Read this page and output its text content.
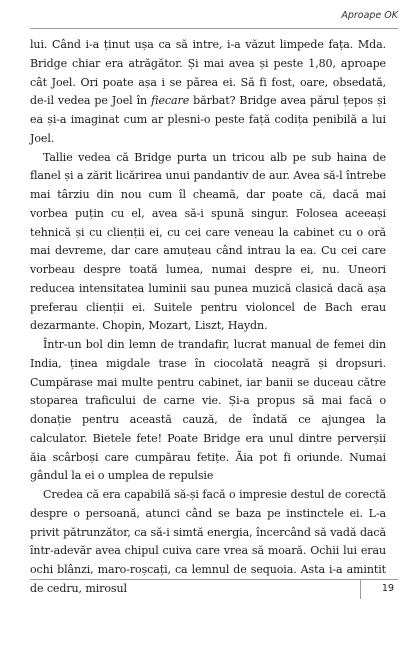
Aproape OK

lui. Când i-a ținut ușa ca să intre, i-a văzut limpede fața. Mda. Bridge chiar era atrăgător. Și mai avea și peste 1,80, aproape cât Joel. Ori poate așa i se părea ei. Să fi fost, oare, obsedată, de-il vedea pe Joel în fiecare bărbat? Bridge avea părul țepos și ea și-a imaginat cum ar plesni-o peste față codița penibilă a lui Joel.

Tallie vedea că Bridge purta un tricou alb pe sub haina de flanel și a zărit licărirea unui pandantiv de aur. Avea să-l întrebe mai târziu din nou cum îl cheamă, dar poate că, dacă mai vorbea puțin cu el, avea să-i spună singur. Folosea aceeași tehnică și cu clienții ei, cu cei care veneau la cabinet cu o oră mai devreme, dar care amuțeau când intrau la ea. Cu cei care vorbeau despre toată lumea, numai despre ei, nu. Uneori reducea intensitatea luminii sau punea muzică clasică dacă așa preferau clienții ei. Suitele pentru violoncel de Bach erau dezarmante. Chopin, Mozart, Liszt, Haydn.

Într-un bol din lemn de trandafir, lucrat manual de femei din India, ținea migdale trase în ciocolată neagră și dropsuri. Cumpărase mai multe pentru cabinet, iar banii se duceau către stoparea traficului de carne vie. Și-a propus să mai facă o donație pentru această cauză, de îndată ce ajungea la calculator. Bietele fete! Poate Bridge era unul dintre perverșii ăia scârboși care cumpărau fetițe. Ăia pot fi oriunde. Numai gândul la ei o umplea de repulsie

Credea că era capabilă să-și facă o impresie destul de corectă despre o persoană, atunci când se baza pe instinctele ei. L-a privit pătrunzător, ca să-i simtă energia, încercând să vadă dacă într-adevăr avea chipul cuiva care vrea să moară. Ochii lui erau ochi blânzi, maro-roșcați, ca lemnul de sequoia. Asta i-a amintit de cedru, mirosul	19
